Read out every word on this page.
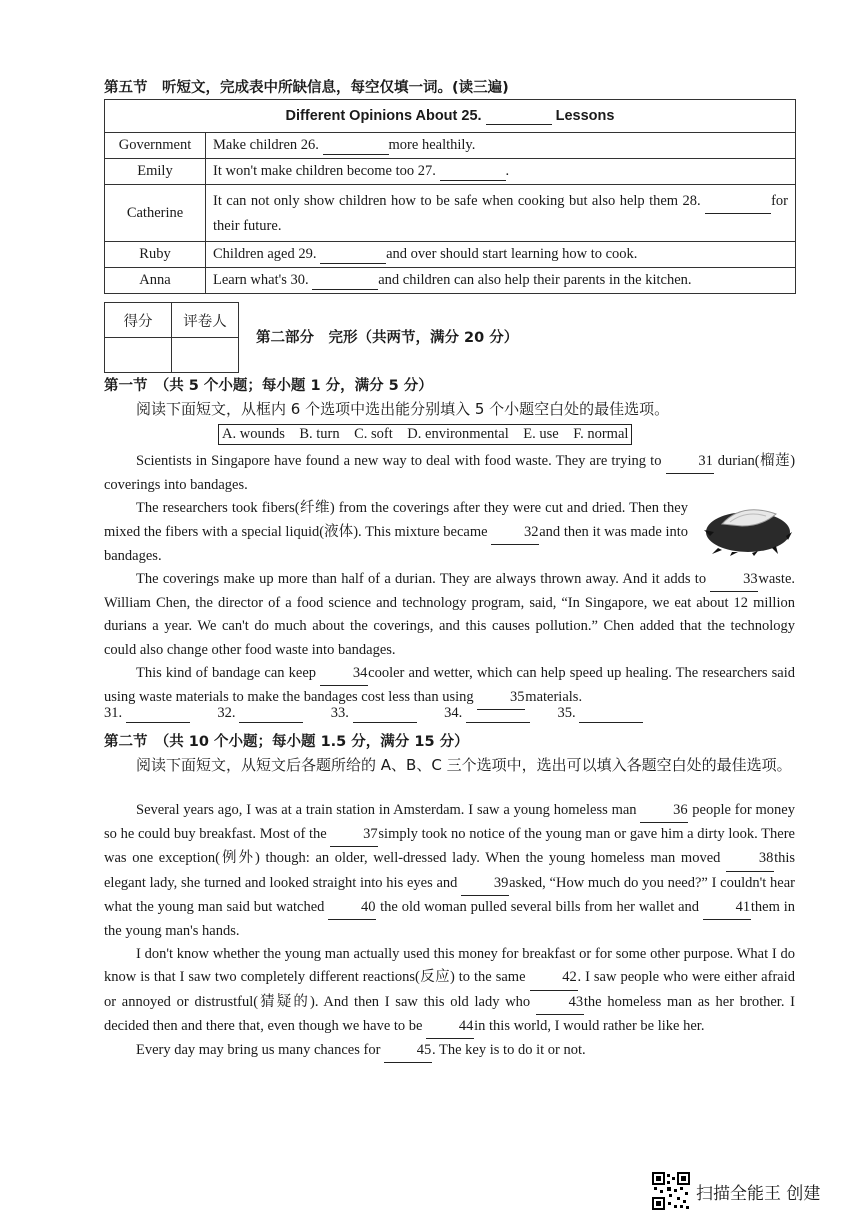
第五节　听短文，完成表中所缺信息，每空仅填一词。(读三遍)
Different Opinions About 25. Lessons	
Government	Make children 26. more healthily.
Emily	It won't make children become too 27. .
Catherine	It can not only show children how to be safe when cooking but also help them 28. for their future.
Ruby	Children aged 29. and over should start learning how to cook.
Anna	Learn what's 30. and children can also help their parents in the kitchen.
得分	评卷人

第二部分　完形（共两节，满分 20 分）
第一节　（共 5 个小题；每小题 1 分，满分 5 分）
阅读下面短文，从框内 6 个选项中选出能分别填入 5 个小题空白处的最佳选项。
A. wounds　B. turn　C. soft　D. environmental　E. use　F. normal
Scientists in Singapore have found a new way to deal with food waste. They are trying to	31 durian(榴莲) coverings into bandages.
The researchers took fibers(纤维) from the coverings after they were cut and dried. Then they mixed the fibers with a special liquid(液体). This mixture became	32and then it was made into bandages.
The coverings make up more than half of a durian. They are always thrown away. And it adds to	33waste. William Chen, the director of a food science and technology program, said, “In Singapore, we eat about 12 million durians a year. We can't do much about the coverings, and this causes pollution.” Chen added that the technology could also change other food waste into bandages.
This kind of bandage can keep	34cooler and wetter, which can help speed up healing. The researchers said using waste materials to make the bandages cost less than using	35materials.
31.	32.	33.	34.	35.
第二节　（共 10 个小题；每小题 1.5 分，满分 15 分）
阅读下面短文，从短文后各题所给的 A、B、C 三个选项中，选出可以填入各题空白处的最佳选项。
Several years ago, I was at a train station in Amsterdam. I saw a young homeless man	36 people for money so he could buy breakfast. Most of the	37simply took no notice of the young man or gave him a dirty look. There was one exception(例外) though: an older, well-dressed lady. When the young homeless man moved	38this elegant lady, she turned and looked straight into his eyes and	39asked, “How much do you need?” I couldn't hear what the young man said but watched	40 the old woman pulled several bills from her wallet and	41them in the young man's hands.
I don't know whether the young man actually used this money for breakfast or for some other purpose. What I do know is that I saw two completely different reactions(反应) to the same	42. I saw people who were either afraid or annoyed or distrustful(猜疑的). And then I saw this old lady who	43the homeless man as her brother. I decided then and there that, even though we have to be	44in this world, I would rather be like her.
Every day may bring us many chances for	45. The key is to do it or not.
扫描全能王 创建
